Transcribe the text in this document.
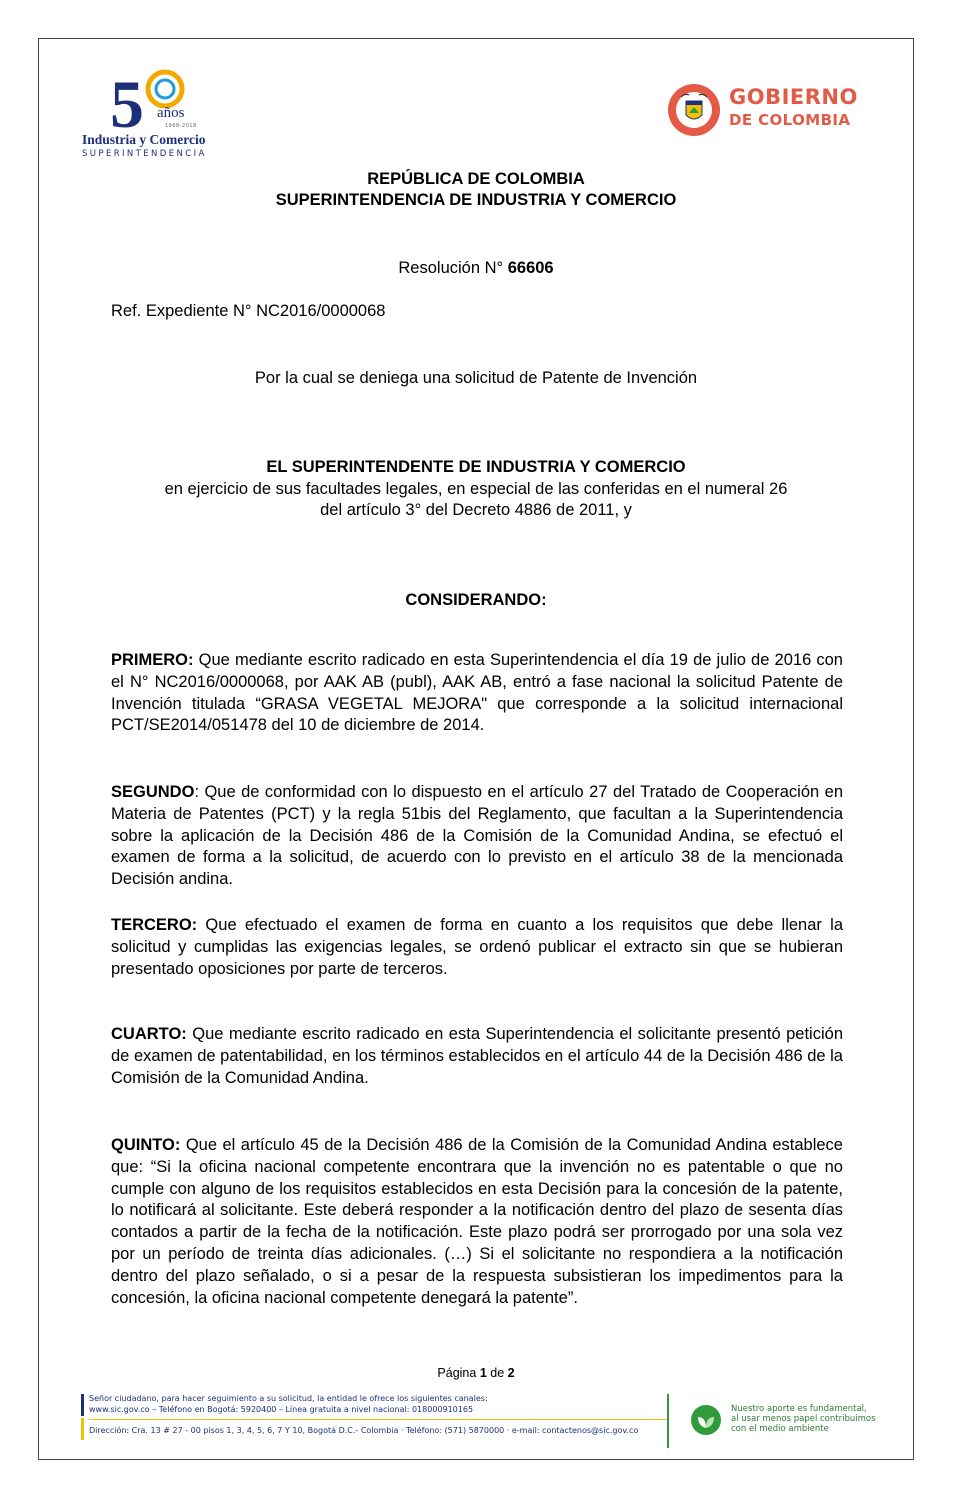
5 años
1968-2018
Industria y Comercio
SUPERINTENDENCIA
GOBIERNO
DE COLOMBIA
REPÚBLICA DE COLOMBIA
SUPERINTENDENCIA DE INDUSTRIA Y COMERCIO
Resolución N° 66606
Ref. Expediente N° NC2016/0000068
Por la cual se deniega una solicitud de Patente de Invención
EL SUPERINTENDENTE DE INDUSTRIA Y COMERCIO
en ejercicio de sus facultades legales, en especial de las conferidas en el numeral 26
del artículo 3° del Decreto 4886 de 2011, y
CONSIDERANDO:
PRIMERO: Que mediante escrito radicado en esta Superintendencia el día 19 de julio de 2016 con el N° NC2016/0000068, por AAK AB (publ), AAK AB, entró a fase nacional la solicitud Patente de Invención titulada “GRASA VEGETAL MEJORA" que corresponde a la solicitud internacional PCT/SE2014/051478 del 10 de diciembre de 2014.
SEGUNDO: Que de conformidad con lo dispuesto en el artículo 27 del Tratado de Cooperación en Materia de Patentes (PCT) y la regla 51bis del Reglamento, que facultan a la Superintendencia sobre la aplicación de la Decisión 486 de la Comisión de la Comunidad Andina, se efectuó el examen de forma a la solicitud, de acuerdo con lo previsto en el artículo 38 de la mencionada Decisión andina.
TERCERO: Que efectuado el examen de forma en cuanto a los requisitos que debe llenar la solicitud y cumplidas las exigencias legales, se ordenó publicar el extracto sin que se hubieran presentado oposiciones por parte de terceros.
CUARTO: Que mediante escrito radicado en esta Superintendencia el solicitante presentó petición de examen de patentabilidad, en los términos establecidos en el artículo 44 de la Decisión 486 de la Comisión de la Comunidad Andina.
QUINTO: Que el artículo 45 de la Decisión 486 de la Comisión de la Comunidad Andina establece que: “Si la oficina nacional competente encontrara que la invención no es patentable o que no cumple con alguno de los requisitos establecidos en esta Decisión para la concesión de la patente, lo notificará al solicitante. Este deberá responder a la notificación dentro del plazo de sesenta días contados a partir de la fecha de la notificación. Este plazo podrá ser prorrogado por una sola vez por un período de treinta días adicionales. (…) Si el solicitante no respondiera a la notificación dentro del plazo señalado, o si a pesar de la respuesta subsistieran los impedimentos para la concesión, la oficina nacional competente denegará la patente”.
Página 1 de 2
Señor ciudadano, para hacer seguimiento a su solicitud, la entidad le ofrece los siguientes canales:
www.sic.gov.co – Teléfono en Bogotá: 5920400 – Línea gratuita a nivel nacional: 018000910165
Dirección: Cra. 13 # 27 - 00 pisos 1, 3, 4, 5, 6, 7 Y 10, Bogotá D.C.- Colombia · Teléfono: (571) 5870000 · e-mail: contactenos@sic.gov.co
Nuestro aporte es fundamental,
al usar menos papel contribuimos
con el medio ambiente
